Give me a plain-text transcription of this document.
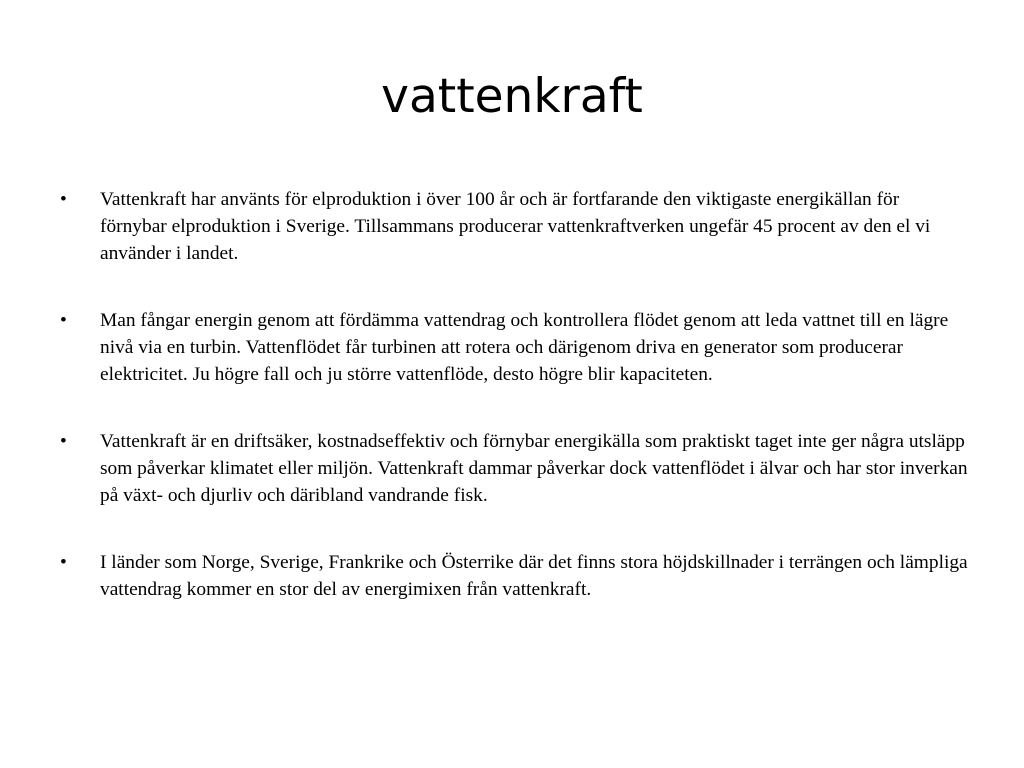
vattenkraft
•	Vattenkraft har använts för elproduktion i över 100 år och är fortfarande den viktigaste energikällan för förnybar elproduktion i Sverige. Tillsammans producerar vattenkraftverken ungefär 45 procent av den el vi använder i landet.
•	Man fångar energin genom att fördämma vattendrag och kontrollera flödet genom att leda vattnet till en lägre nivå via en turbin. Vattenflödet får turbinen att rotera och därigenom driva en generator som producerar elektricitet. Ju högre fall och ju större vattenflöde, desto högre blir kapaciteten.
•	Vattenkraft är en driftsäker, kostnadseffektiv och förnybar energikälla som praktiskt taget inte ger några utsläpp som påverkar klimatet eller miljön. Vattenkraft dammar påverkar dock vattenflödet i älvar och har stor inverkan på växt- och djurliv och däribland vandrande fisk.
•	I länder som Norge, Sverige, Frankrike och Österrike där det finns stora höjdskillnader i terrängen och lämpliga vattendrag kommer en stor del av energimixen från vattenkraft.
